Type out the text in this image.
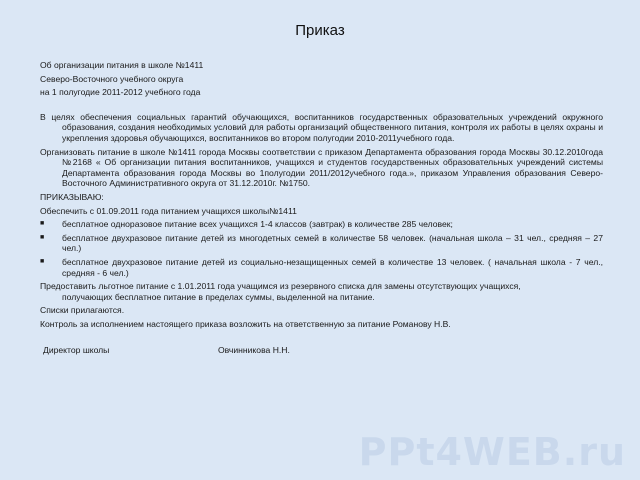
Приказ
Об организации питания в школе №1411
Северо-Восточного учебного округа
на 1 полугодие 2011-2012 учебного года

В целях обеспечения социальных гарантий обучающихся, воспитанников государственных образовательных учреждений окружного образования, создания необходимых условий для работы организаций общественного питания, контроля их работы в целях охраны и укрепления здоровья обучающихся, воспитанников во втором полугодии 2010-2011учебного года.

Организовать питание в школе №1411 города Москвы соответствии с приказом Департамента образования города Москвы 30.12.2010года №2168 « Об организации питания воспитанников, учащихся и студентов государственных образовательных учреждений системы Департамента образования города Москвы во 1полугодии 2011/2012учебного года.», приказом Управления образования Северо-Восточного Административного округа от 31.12.2010г. №1750.

ПРИКАЗЫВАЮ:
Обеспечить с 01.09.2011 года питанием учащихся школы№1411
■	бесплатное одноразовое питание всех учащихся 1-4 классов (завтрак) в количестве 285 человек;
■	бесплатное двухразовое питание детей из многодетных семей в количестве 58 человек. (начальная школа – 31 чел., средняя – 27 чел.)
■	бесплатное двухразовое питание детей из социально-незащищенных семей в количестве 13 человек. ( начальная школа - 7 чел., средняя - 6 чел.)
Предоставить льготное питание с 1.01.2011 года учащимся из резервного списка для замены отсутствующих учащихся,
получающих бесплатное питание в пределах суммы, выделенной на питание.
Списки прилагаются.
Контроль за исполнением настоящего приказа возложить на ответственную за питание Романову Н.В.
Директор школы	Овчинникова Н.Н.
PPt4WEB.ru
